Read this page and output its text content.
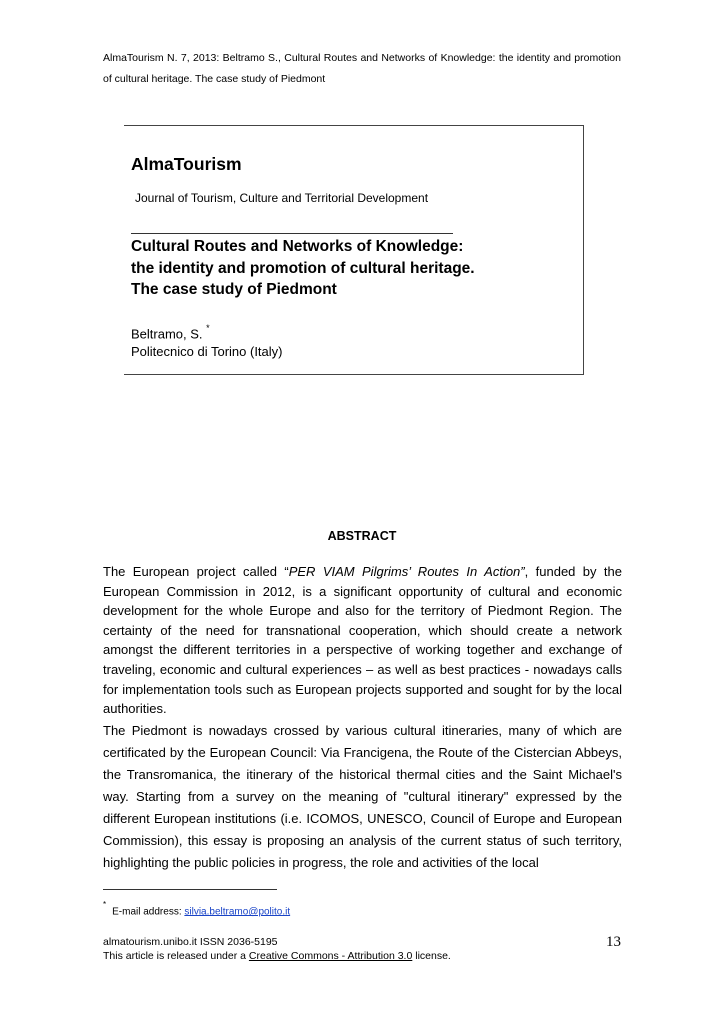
AlmaTourism N. 7, 2013: Beltramo S., Cultural Routes and Networks of Knowledge: the identity and promotion of cultural heritage. The case study of Piedmont
AlmaTourism
Journal of Tourism, Culture and Territorial Development
Cultural Routes and Networks of Knowledge:
the identity and promotion of cultural heritage.
The case study of Piedmont
Beltramo, S. *
Politecnico di Torino (Italy)
ABSTRACT

The European project called “PER VIAM Pilgrims’ Routes In Action”, funded by the European Commission in 2012, is a significant opportunity of cultural and economic development for the whole Europe and also for the territory of Piedmont Region. The certainty of the need for transnational cooperation, which should create a network amongst the different territories in a perspective of working together and exchange of traveling, economic and cultural experiences – as well as best practices - nowadays calls for implementation tools such as European projects supported and sought for by the local authorities.

The Piedmont is nowadays crossed by various cultural itineraries, many of which are certificated by the European Council: Via Francigena, the Route of the Cistercian Abbeys, the Transromanica, the itinerary of the historical thermal cities and the Saint Michael's way. Starting from a survey on the meaning of "cultural itinerary" expressed by the different European institutions (i.e. ICOMOS, UNESCO, Council of Europe and European Commission), this essay is proposing an analysis of the current status of such territory, highlighting the public policies in progress, the role and activities of the local

*E-mail address: silvia.beltramo@polito.it
almatourism.unibo.it ISSN 2036-5195
This article is released under a Creative Commons - Attribution 3.0 license.
13
